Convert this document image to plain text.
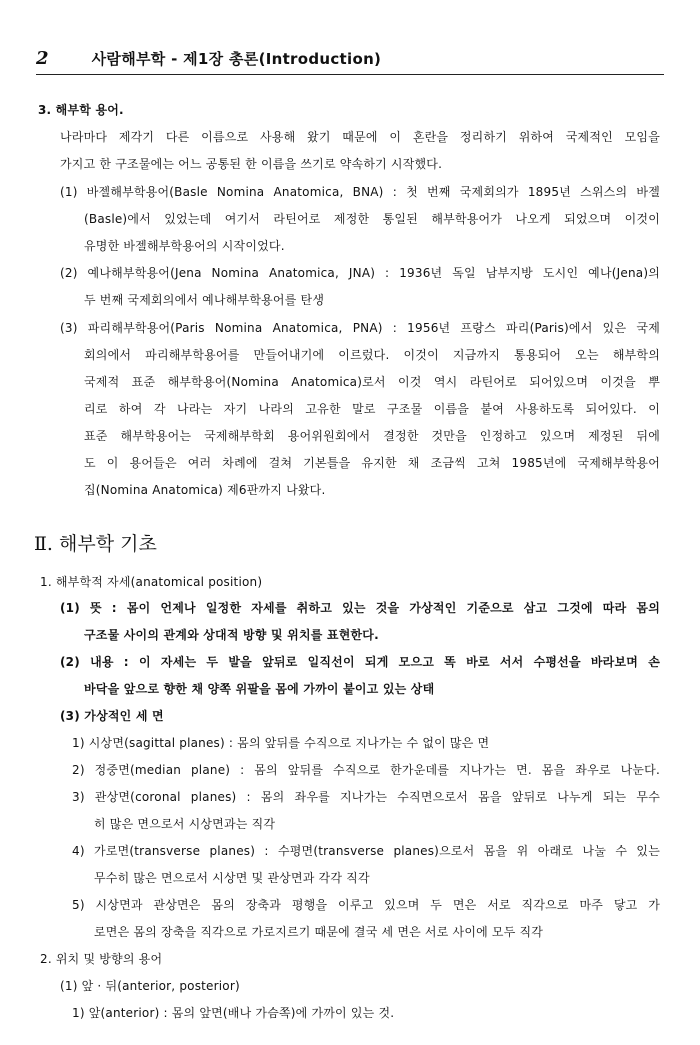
2	사람해부학 - 제1장 총론(Introduction)
3. 해부학 용어.
나라마다 제각기 다른 이름으로 사용해 왔기 때문에 이 혼란을 정리하기 위하여 국제적인 모임을
가지고 한 구조물에는 어느 공통된 한 이름을 쓰기로 약속하기 시작했다.
(1) 바젤해부학용어(Basle Nomina Anatomica, BNA) : 첫 번째 국제회의가 1895년 스위스의 바젤
(Basle)에서 있었는데 여기서 라틴어로 제정한 통일된 해부학용어가 나오게 되었으며 이것이
유명한 바젤해부학용어의 시작이었다.
(2) 예나해부학용어(Jena Nomina Anatomica, JNA) : 1936년 독일 남부지방 도시인 예나(Jena)의
두 번째 국제회의에서 예나해부학용어를 탄생
(3) 파리해부학용어(Paris Nomina Anatomica, PNA) : 1956년 프랑스 파리(Paris)에서 있은 국제
회의에서 파리해부학용어를 만들어내기에 이르렀다. 이것이 지금까지 통용되어 오는 해부학의
국제적 표준 해부학용어(Nomina Anatomica)로서 이것 역시 라틴어로 되어있으며 이것을 뿌
리로 하여 각 나라는 자기 나라의 고유한 말로 구조물 이름을 붙여 사용하도록 되어있다. 이
표준 해부학용어는 국제해부학회 용어위원회에서 결정한 것만을 인정하고 있으며 제정된 뒤에
도 이 용어들은 여러 차례에 걸쳐 기본틀을 유지한 채 조금씩 고쳐 1985년에 국제해부학용어
집(Nomina Anatomica) 제6판까지 나왔다.
Ⅱ. 해부학 기초
1. 해부학적 자세(anatomical position)
(1) 뜻 : 몸이 언제나 일정한 자세를 취하고 있는 것을 가상적인 기준으로 삼고 그것에 따라 몸의
구조물 사이의 관계와 상대적 방향 및 위치를 표현한다.
(2) 내용 : 이 자세는 두 발을 앞뒤로 일직선이 되게 모으고 똑 바로 서서 수평선을 바라보며 손
바닥을 앞으로 향한 채 양쪽 위팔을 몸에 가까이 붙이고 있는 상태
(3) 가상적인 세 면
1) 시상면(sagittal planes) : 몸의 앞뒤를 수직으로 지나가는 수 없이 많은 면
2) 정중면(median plane) : 몸의 앞뒤를 수직으로 한가운데를 지나가는 면. 몸을 좌우로 나눈다.
3) 관상면(coronal planes) : 몸의 좌우를 지나가는 수직면으로서 몸을 앞뒤로 나누게 되는 무수
히 많은 면으로서 시상면과는 직각
4) 가로면(transverse planes) : 수평면(transverse planes)으로서 몸을 위 아래로 나눌 수 있는
무수히 많은 면으로서 시상면 및 관상면과 각각 직각
5) 시상면과 관상면은 몸의 장축과 평행을 이루고 있으며 두 면은 서로 직각으로 마주 닿고 가
로면은 몸의 장축을 직각으로 가로지르기 때문에 결국 세 면은 서로 사이에 모두 직각
2. 위치 및 방향의 용어
(1) 앞 · 뒤(anterior, posterior)
1) 앞(anterior) : 몸의 앞면(배나 가슴쪽)에 가까이 있는 것.
